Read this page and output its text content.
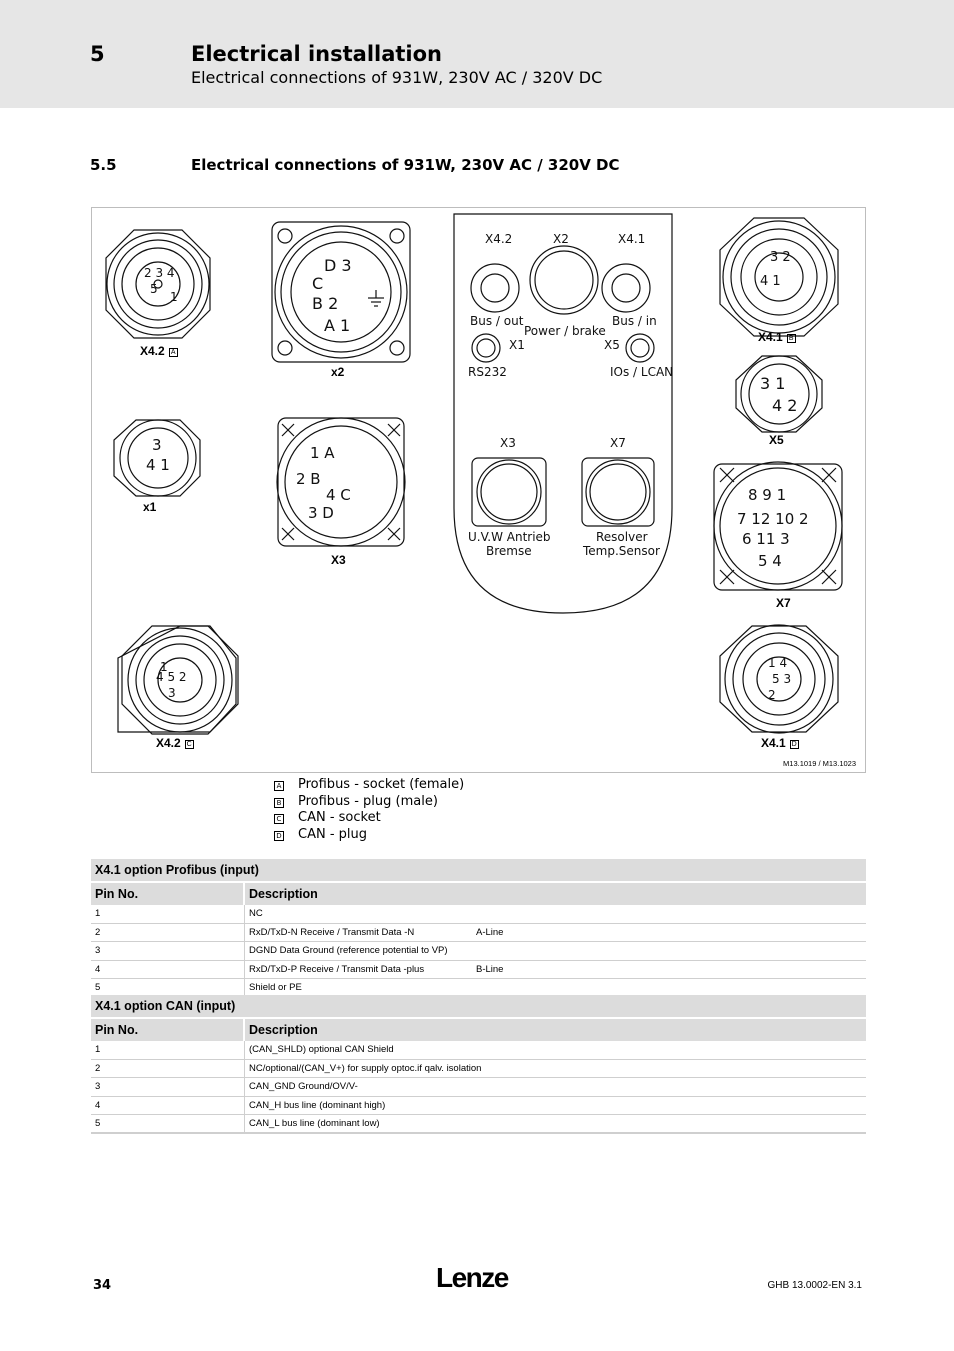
5	Electrical installation
Electrical connections of 931W, 230V AC / 320V DC
5.5	Electrical connections of 931W, 230V AC / 320V DC
2 3 4
5
1
D 3
C
B 2
A 1
3 2
4 1
3 1
4 2
3
4 1
1 A
2 B
4 C
3 D
8 9 1
7 12 10 2
6 11 3
5 4
1
4 5 2
3
1 4
5 3
2
X4.2	X2	X4.1
Bus / out
Power / brake
Bus / in
X1	X5
RS232	IOs / LCAN
X3	X7
U.V.W Antrieb
Bremse
Resolver
Temp.Sensor
X4.2 A
x2
X4.1 B
X5
x1
X3
X7
X4.2 C	X4.1 D
M13.1019 / M13.1023
A Profibus - socket (female)
B Profibus - plug (male)
C CAN - socket
D CAN - plug
X4.1 option Profibus (input)
Pin No.	Description
1	NC
2	RxD/TxD-N Receive / Transmit Data -N	A-Line
3	DGND Data Ground (reference potential to VP)
4	RxD/TxD-P Receive / Transmit Data -plus	B-Line
5	Shield or PE
X4.1 option CAN (input)
Pin No.	Description
1	(CAN_SHLD) optional CAN Shield
2	NC/optional/(CAN_V+) for supply optoc.if qalv. isolation
3	CAN_GND Ground/OV/V-
4	CAN_H bus line (dominant high)
5	CAN_L bus line (dominant low)
34	Lenze	GHB 13.0002-EN 3.1
